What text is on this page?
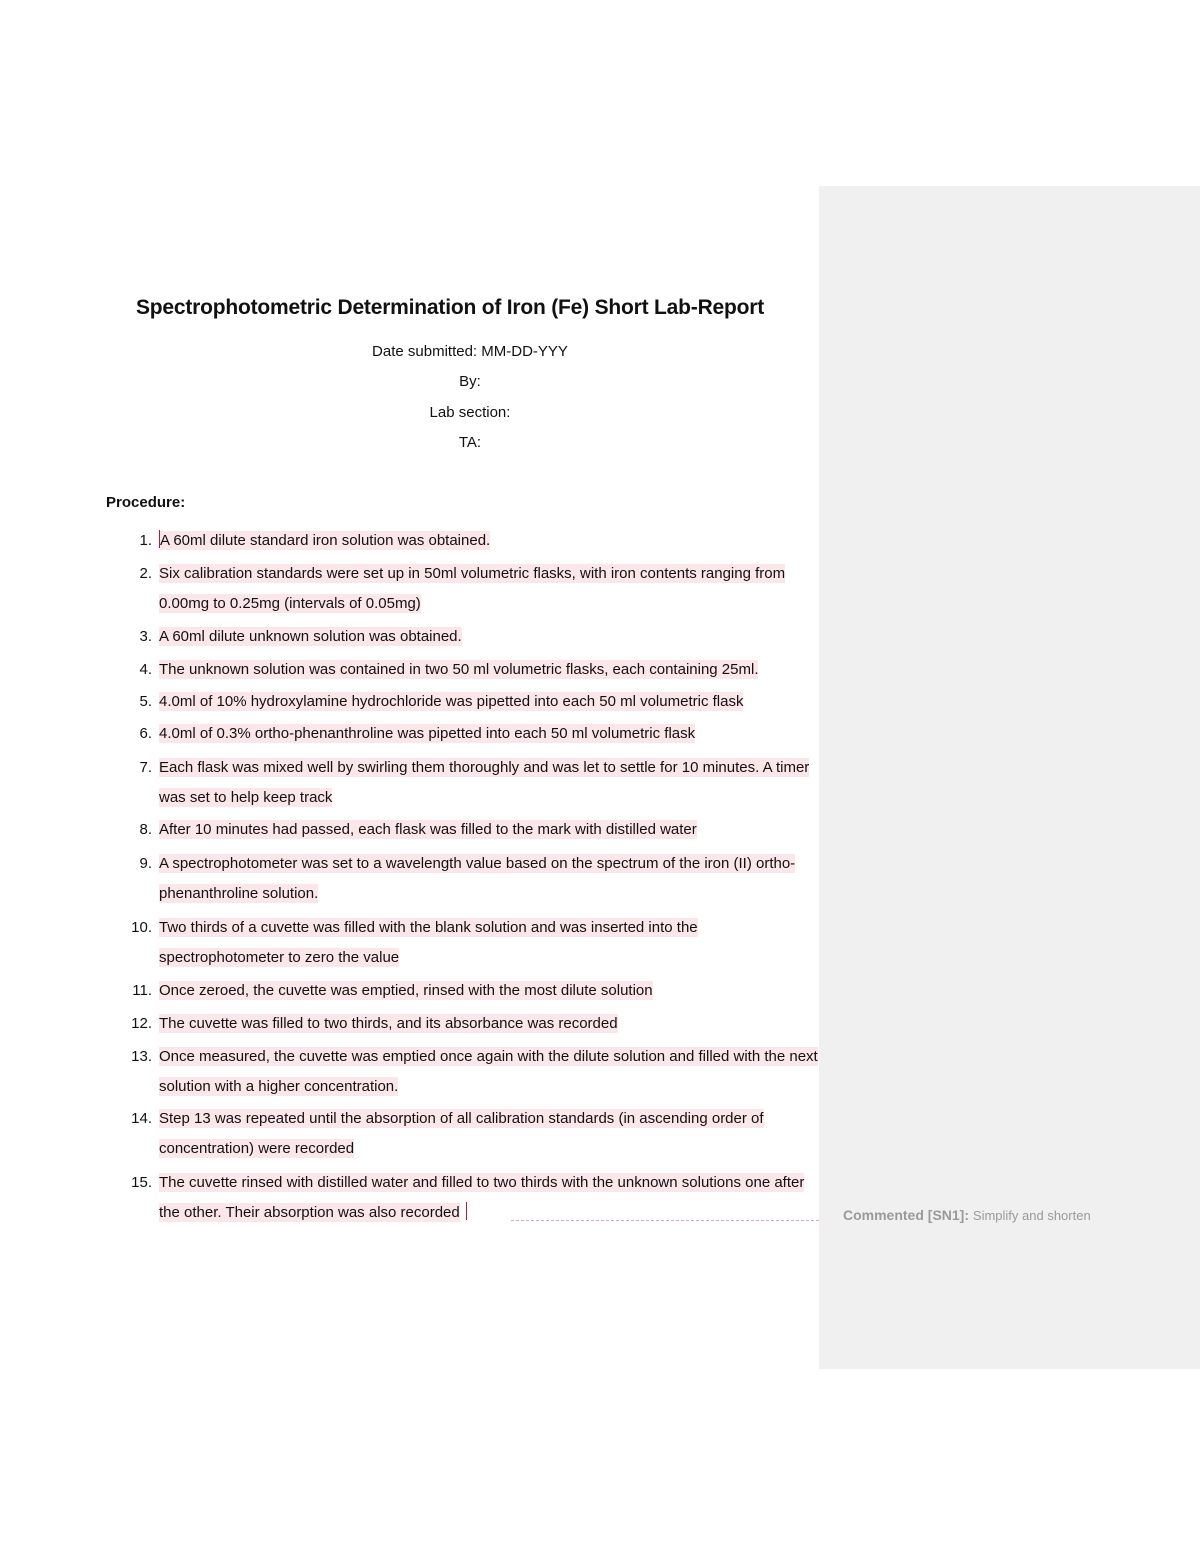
Spectrophotometric Determination of Iron (Fe) Short Lab-Report
Date submitted: MM-DD-YYY
By:
Lab section:
TA:
Procedure:
1. A 60ml dilute standard iron solution was obtained.
2. Six calibration standards were set up in 50ml volumetric flasks, with iron contents ranging from 0.00mg to 0.25mg (intervals of 0.05mg)
3. A 60ml dilute unknown solution was obtained.
4. The unknown solution was contained in two 50 ml volumetric flasks, each containing 25ml.
5. 4.0ml of 10% hydroxylamine hydrochloride was pipetted into each 50 ml volumetric flask
6. 4.0ml of 0.3% ortho-phenanthroline was pipetted into each 50 ml volumetric flask
7. Each flask was mixed well by swirling them thoroughly and was let to settle for 10 minutes. A timer was set to help keep track
8. After 10 minutes had passed, each flask was filled to the mark with distilled water
9. A spectrophotometer was set to a wavelength value based on the spectrum of the iron (II) ortho-phenanthroline solution.
10. Two thirds of a cuvette was filled with the blank solution and was inserted into the spectrophotometer to zero the value
11. Once zeroed, the cuvette was emptied, rinsed with the most dilute solution
12. The cuvette was filled to two thirds, and its absorbance was recorded
13. Once measured, the cuvette was emptied once again with the dilute solution and filled with the next solution with a higher concentration.
14. Step 13 was repeated until the absorption of all calibration standards (in ascending order of concentration) were recorded
15. The cuvette rinsed with distilled water and filled to two thirds with the unknown solutions one after the other. Their absorption was also recorded	Commented [SN1]: Simplify and shorten
